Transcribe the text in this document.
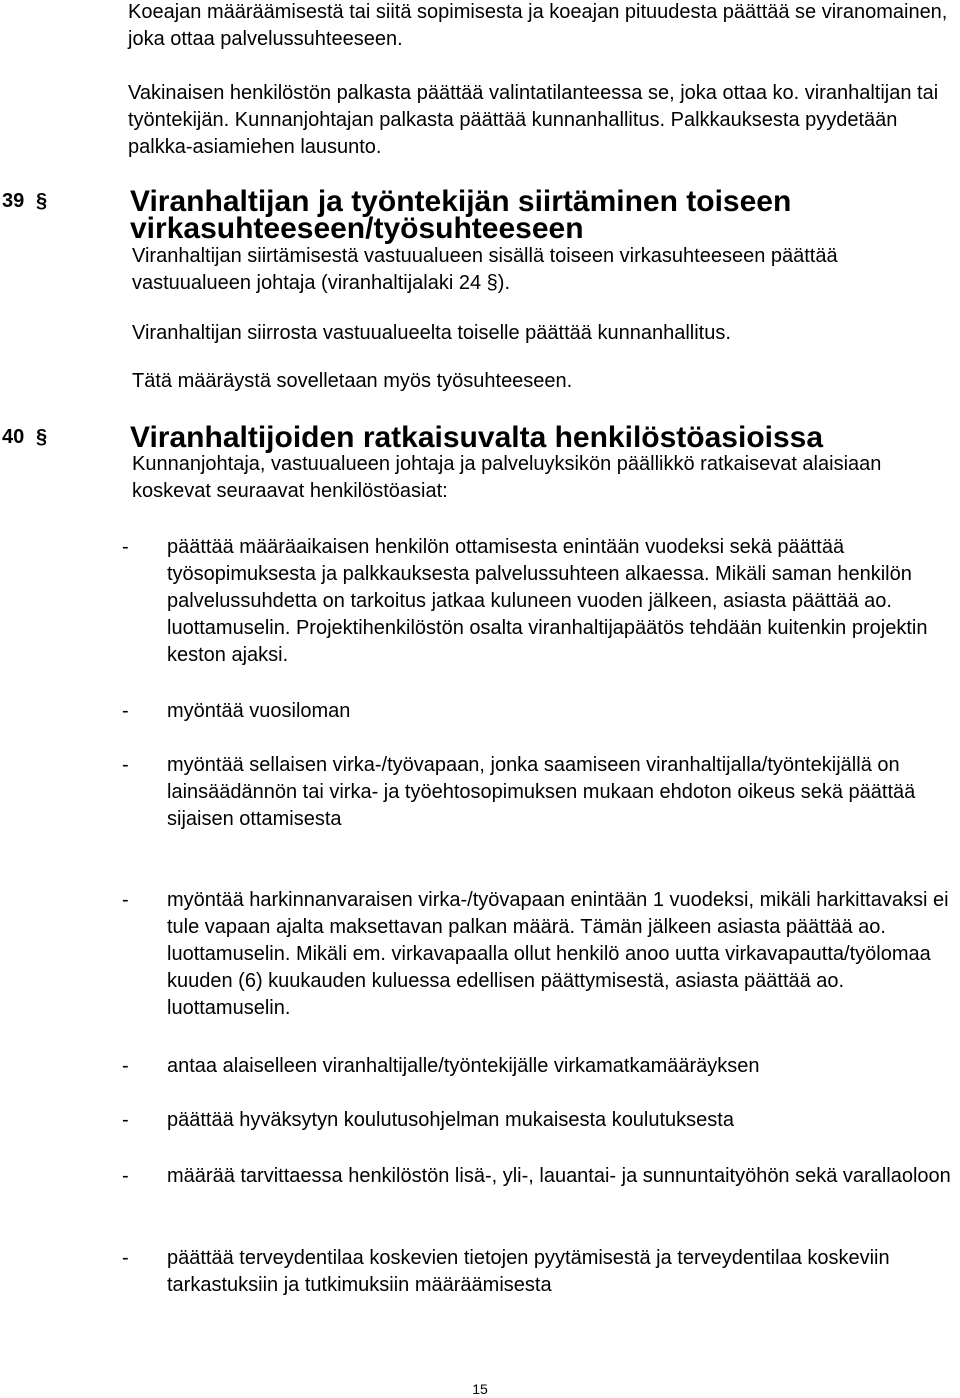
Koeajan määräämisestä tai siitä sopimisesta ja koeajan pituudesta päättää se viranomainen, joka ottaa palvelussuhteeseen.

Vakinaisen henkilöstön palkasta päättää valintatilanteessa se, joka ottaa ko. viranhaltijan tai työntekijän. Kunnanjohtajan palkasta päättää kunnanhallitus. Palkkauksesta pyydetään palkka-asiamiehen lausunto.

39 §	Viranhaltijan ja työntekijän siirtäminen toiseen virkasuhteeseen/työsuhteeseen

Viranhaltijan siirtämisestä vastuualueen sisällä toiseen virkasuhteeseen päättää vastuualueen johtaja (viranhaltijalaki 24 §).

Viranhaltijan siirrosta vastuualueelta toiselle päättää kunnanhallitus.

Tätä määräystä sovelletaan myös työsuhteeseen.

40 §	Viranhaltijoiden ratkaisuvalta henkilöstöasioissa

Kunnanjohtaja, vastuualueen johtaja ja palveluyksikön päällikkö ratkaisevat alaisiaan koskevat seuraavat henkilöstöasiat:

- päättää määräaikaisen henkilön ottamisesta enintään vuodeksi sekä päättää työsopimuksesta ja palkkauksesta palvelussuhteen alkaessa. Mikäli saman henkilön palvelussuhdetta on tarkoitus jatkaa kuluneen vuoden jälkeen, asiasta päättää ao. luottamuselin. Projektihenkilöstön osalta viranhaltijapäätös tehdään kuitenkin projektin keston ajaksi.

- myöntää vuosiloman

- myöntää sellaisen virka-/työvapaan, jonka saamiseen viranhaltijalla/työntekijällä on lainsäädännön tai virka- ja työehtosopimuksen mukaan ehdoton oikeus sekä päättää sijaisen ottamisesta

- myöntää harkinnanvaraisen virka-/työvapaan enintään 1 vuodeksi, mikäli harkittavaksi ei tule vapaan ajalta maksettavan palkan määrä. Tämän jälkeen asiasta päättää ao. luottamuselin. Mikäli em. virkavapaalla ollut henkilö anoo uutta virkavapautta/työlomaa kuuden (6) kuukauden kuluessa edellisen päättymisestä, asiasta päättää ao. luottamuselin.

- antaa alaiselleen viranhaltijalle/työntekijälle virkamatkamääräyksen

- päättää hyväksytyn koulutusohjelman mukaisesta koulutuksesta

- määrää tarvittaessa henkilöstön lisä-, yli-, lauantai- ja sunnuntaityöhön sekä varallaoloon

- päättää terveydentilaa koskevien tietojen pyytämisestä ja terveydentilaa koskeviin tarkastuksiin ja tutkimuksiin määräämisesta

15
